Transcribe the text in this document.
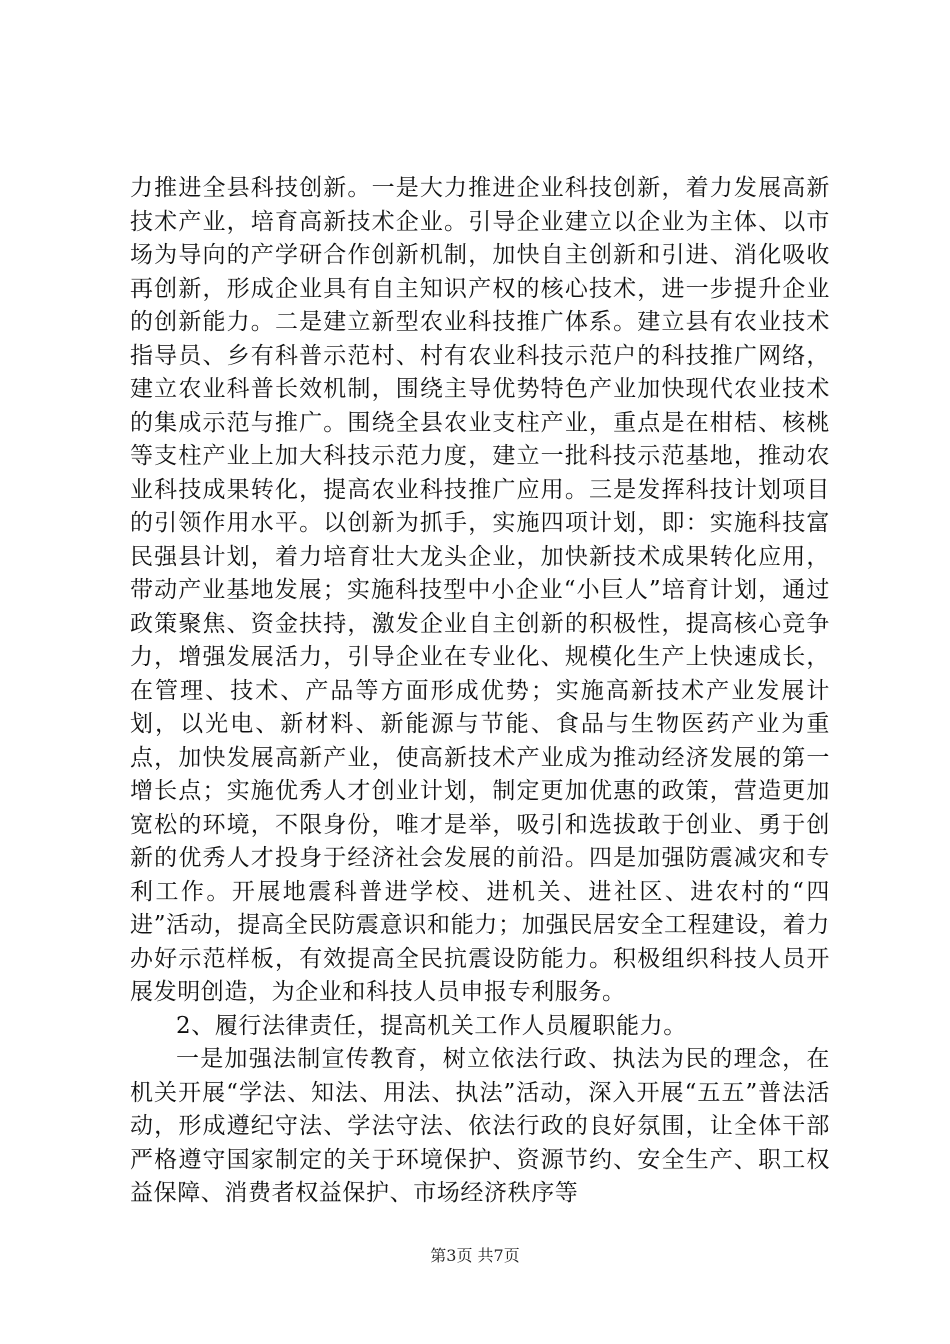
力推进全县科技创新。一是大力推进企业科技创新，着力发展高新技术产业，培育高新技术企业。引导企业建立以企业为主体、以市场为导向的产学研合作创新机制，加快自主创新和引进、消化吸收再创新，形成企业具有自主知识产权的核心技术，进一步提升企业的创新能力。二是建立新型农业科技推广体系。建立县有农业技术指导员、乡有科普示范村、村有农业科技示范户的科技推广网络，建立农业科普长效机制，围绕主导优势特色产业加快现代农业技术的集成示范与推广。围绕全县农业支柱产业，重点是在柑桔、核桃等支柱产业上加大科技示范力度，建立一批科技示范基地，推动农业科技成果转化，提高农业科技推广应用。三是发挥科技计划项目的引领作用水平。以创新为抓手，实施四项计划，即：实施科技富民强县计划，着力培育壮大龙头企业，加快新技术成果转化应用，带动产业基地发展；实施科技型中小企业“小巨人”培育计划，通过政策聚焦、资金扶持，激发企业自主创新的积极性，提高核心竞争力，增强发展活力，引导企业在专业化、规模化生产上快速成长，在管理、技术、产品等方面形成优势；实施高新技术产业发展计划，以光电、新材料、新能源与节能、食品与生物医药产业为重点，加快发展高新产业，使高新技术产业成为推动经济发展的第一增长点；实施优秀人才创业计划，制定更加优惠的政策，营造更加宽松的环境，不限身份，唯才是举，吸引和选拔敢于创业、勇于创新的优秀人才投身于经济社会发展的前沿。四是加强防震减灾和专利工作。开展地震科普进学校、进机关、进社区、进农村的“四进”活动，提高全民防震意识和能力；加强民居安全工程建设，着力办好示范样板，有效提高全民抗震设防能力。积极组织科技人员开展发明创造，为企业和科技人员申报专利服务。

2、履行法律责任，提高机关工作人员履职能力。

一是加强法制宣传教育，树立依法行政、执法为民的理念，在机关开展“学法、知法、用法、执法”活动，深入开展“五五”普法活动，形成遵纪守法、学法守法、依法行政的良好氛围，让全体干部严格遵守国家制定的关于环境保护、资源节约、安全生产、职工权益保障、消费者权益保护、市场经济秩序等

第3页 共7页
